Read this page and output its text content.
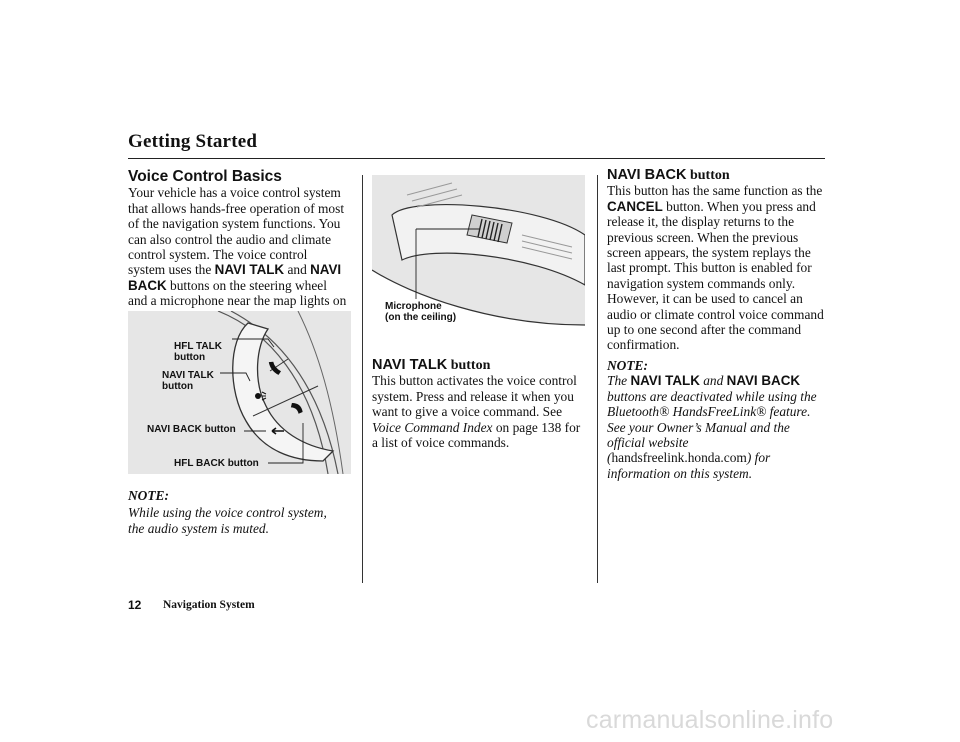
Getting Started
Voice Control Basics
Your vehicle has a voice control system
that allows hands-free operation of most
of the navigation system functions. You
can also control the audio and climate
control system. The voice control
system uses the NAVI TALK and NAVI
BACK buttons on the steering wheel
and a microphone near the map lights on
HFL TALK
button
NAVI TALK
button
NAVI BACK button
HFL BACK button
NOTE:
While using the voice control system,
the audio system is muted.
Microphone
(on the ceiling)
NAVI TALK button
This button activates the voice control
system. Press and release it when you
want to give a voice command. See
Voice Command Index on page 138 for
a list of voice commands.
NAVI BACK button
This button has the same function as the
CANCEL button. When you press and
release it, the display returns to the
previous screen. When the previous
screen appears, the system replays the
last prompt. This button is enabled for
navigation system commands only.
However, it can be used to cancel an
audio or climate control voice command
up to one second after the command
confirmation.
NOTE:
The NAVI TALK and NAVI BACK
buttons are deactivated while using the
Bluetooth® HandsFreeLink® feature.
See your Owner’s Manual and the
official website
(handsfreelink.honda.com) for
information on this system.
12 Navigation System
carmanualsonline.info
